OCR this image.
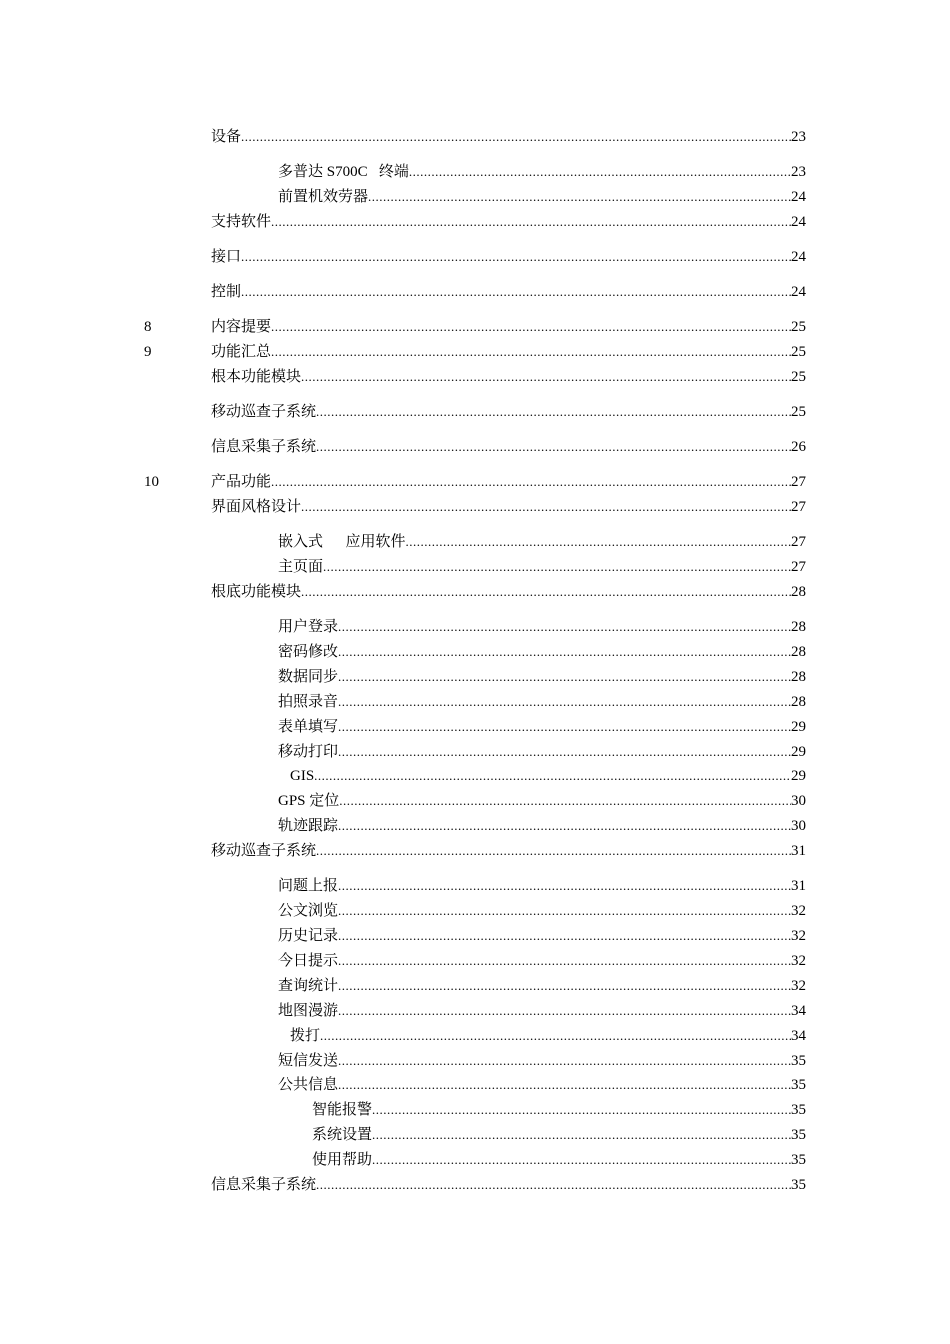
设备 .....	23
多普达 S700C   终端 .....	23
前置机效劳器 .....	24
支持软件 .....	24
接口 .....	24
控制 .....	24
8	内容提要 .....	25
9	功能汇总 .....	25
根本功能模块 .....	25
移动巡查子系统 .....	25
信息采集子系统 .....	26
10	产品功能 .....	27
界面风格设计 .....	27
嵌入式      应用软件 .....	27
主页面 .....	27
根底功能模块 .....	28
用户登录 .....	28
密码修改 .....	28
数据同步 .....	28
拍照录音 .....	28
表单填写 .....	29
移动打印 .....	29
GIS .....	29
GPS 定位 .....	30
轨迹跟踪 .....	30
移动巡查子系统 .....	31
问题上报 .....	31
公文浏览 .....	32
历史记录 .....	32
今日提示 .....	32
查询统计 .....	32
地图漫游 .....	34
拨打 .....	34
短信发送 .....	35
公共信息 .....	35
智能报警 .....	35
系统设置 .....	35
使用帮助 .....	35
信息采集子系统 .....	35
